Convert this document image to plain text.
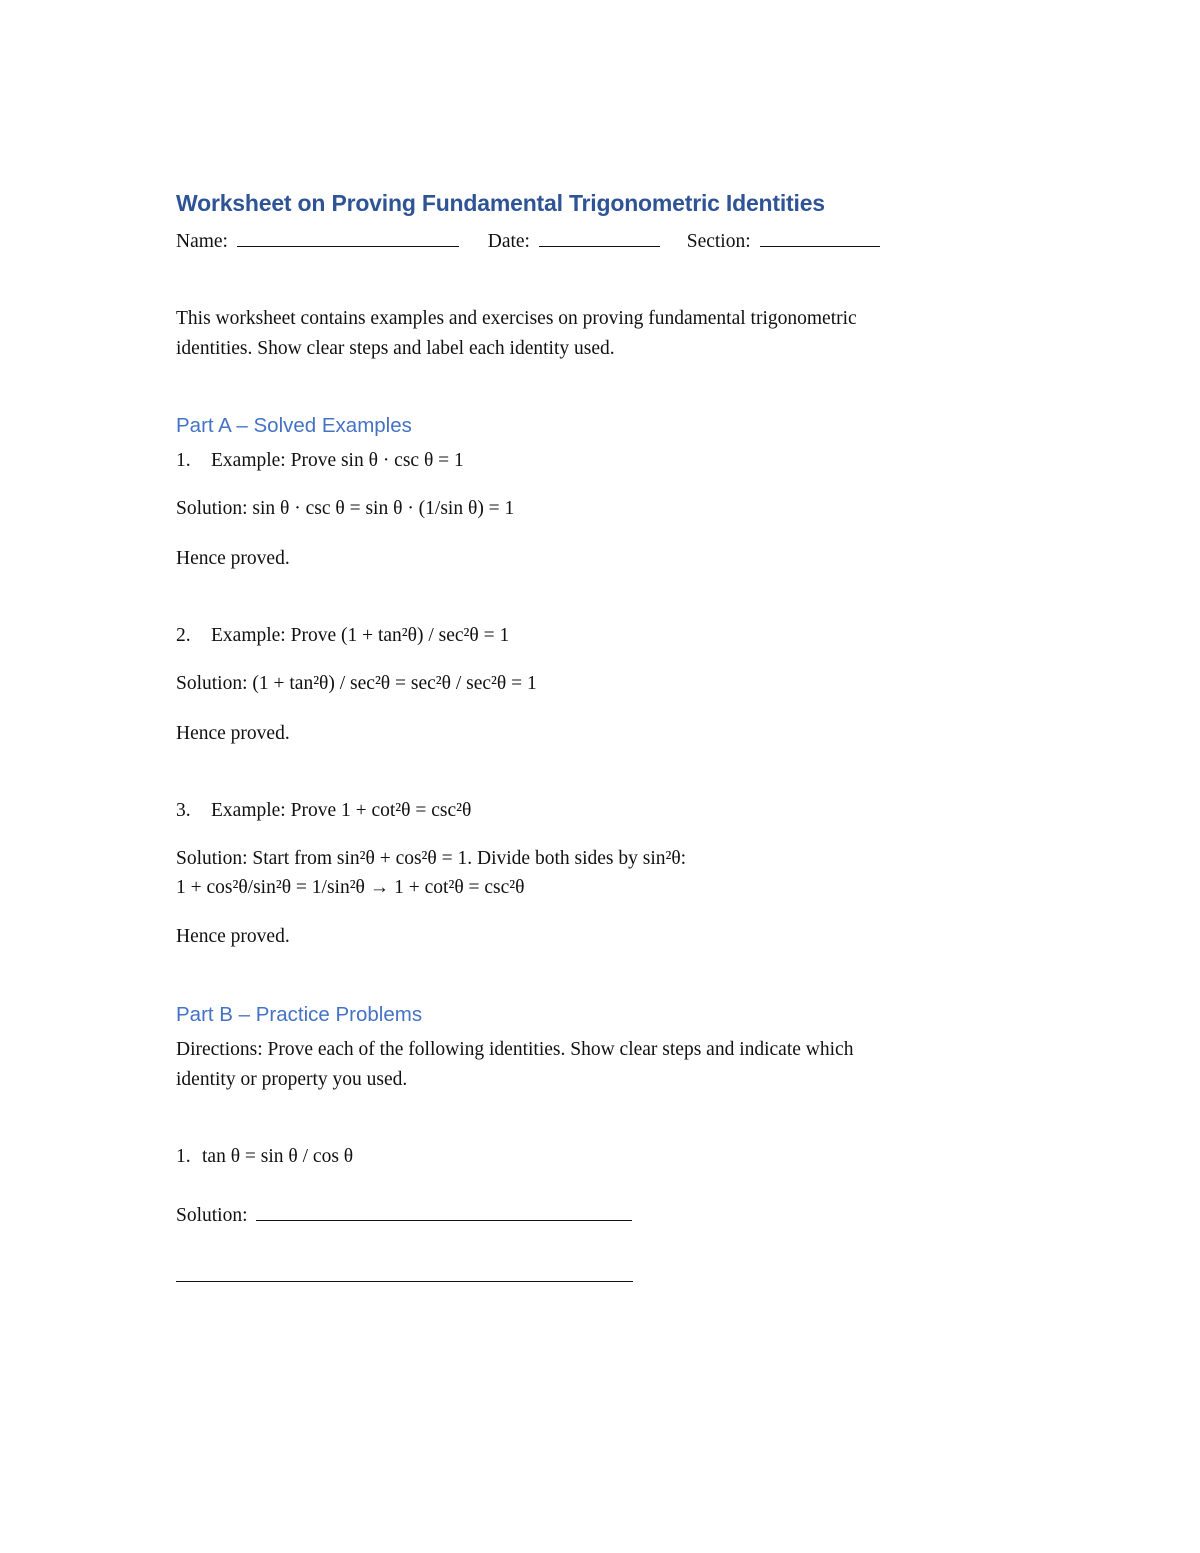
Worksheet on Proving Fundamental Trigonometric Identities
Name:	Date:	Section:
This worksheet contains examples and exercises on proving fundamental trigonometric
identities. Show clear steps and label each identity used.
Part A – Solved Examples
1. Example: Prove sin θ · csc θ = 1
Solution: sin θ · csc θ = sin θ · (1/sin θ) = 1
Hence proved.
2. Example: Prove (1 + tan²θ) / sec²θ = 1
Solution: (1 + tan²θ) / sec²θ = sec²θ / sec²θ = 1
Hence proved.
3. Example: Prove 1 + cot²θ = csc²θ
Solution: Start from sin²θ + cos²θ = 1. Divide both sides by sin²θ:
1 + cos²θ/sin²θ = 1/sin²θ → 1 + cot²θ = csc²θ
Hence proved.
Part B – Practice Problems
Directions: Prove each of the following identities. Show clear steps and indicate which
identity or property you used.
1. tan θ = sin θ / cos θ
Solution:
